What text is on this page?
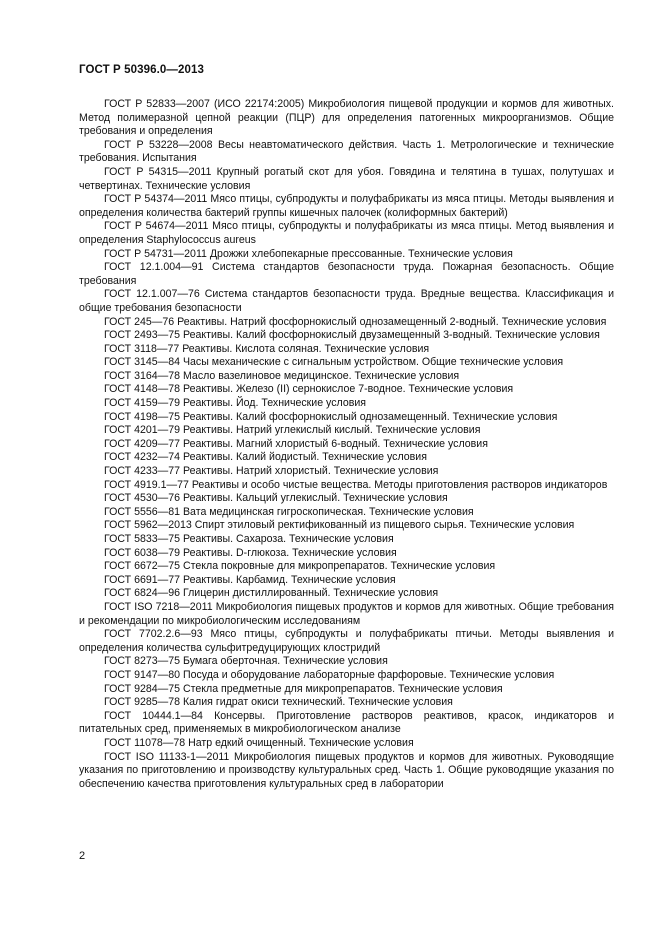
ГОСТ Р 50396.0—2013

ГОСТ Р 52833—2007 (ИСО 22174:2005) Микробиология пищевой продукции и кормов для животных. Метод полимеразной цепной реакции (ПЦР) для определения патогенных микроорганизмов. Общие требования и определения

ГОСТ Р 53228—2008 Весы неавтоматического действия. Часть 1. Метрологические и технические требования. Испытания

ГОСТ Р 54315—2011 Крупный рогатый скот для убоя. Говядина и телятина в тушах, полутушах и четвертинах. Технические условия

ГОСТ Р 54374—2011 Мясо птицы, субпродукты и полуфабрикаты из мяса птицы. Методы выявления и определения количества бактерий группы кишечных палочек (колиформных бактерий)

ГОСТ Р 54674—2011 Мясо птицы, субпродукты и полуфабрикаты из мяса птицы. Метод выявления и определения Staphylococcus aureus

ГОСТ Р 54731—2011 Дрожжи хлебопекарные прессованные. Технические условия

ГОСТ 12.1.004—91 Система стандартов безопасности труда. Пожарная безопасность. Общие требования

ГОСТ 12.1.007—76 Система стандартов безопасности труда. Вредные вещества. Классификация и общие требования безопасности

ГОСТ 245—76 Реактивы. Натрий фосфорнокислый однозамещенный 2-водный. Технические условия

ГОСТ 2493—75 Реактивы. Калий фосфорнокислый двузамещенный 3-водный. Технические условия

ГОСТ 3118—77 Реактивы. Кислота соляная. Технические условия

ГОСТ 3145—84 Часы механические с сигнальным устройством. Общие технические условия

ГОСТ 3164—78 Масло вазелиновое медицинское. Технические условия

ГОСТ 4148—78 Реактивы. Железо (II) сернокислое 7-водное. Технические условия

ГОСТ 4159—79 Реактивы. Йод. Технические условия

ГОСТ 4198—75 Реактивы. Калий фосфорнокислый однозамещенный. Технические условия

ГОСТ 4201—79 Реактивы. Натрий углекислый кислый. Технические условия

ГОСТ 4209—77 Реактивы. Магний хлористый 6-водный. Технические условия

ГОСТ 4232—74 Реактивы. Калий йодистый. Технические условия

ГОСТ 4233—77 Реактивы. Натрий хлористый. Технические условия

ГОСТ 4919.1—77 Реактивы и особо чистые вещества. Методы приготовления растворов индикаторов

ГОСТ 4530—76 Реактивы. Кальций углекислый. Технические условия

ГОСТ 5556—81 Вата медицинская гигроскопическая. Технические условия

ГОСТ 5962—2013 Спирт этиловый ректификованный из пищевого сырья. Технические условия

ГОСТ 5833—75 Реактивы. Сахароза. Технические условия

ГОСТ 6038—79 Реактивы. D-глюкоза. Технические условия

ГОСТ 6672—75 Стекла покровные для микропрепаратов. Технические условия

ГОСТ 6691—77 Реактивы. Карбамид. Технические условия

ГОСТ 6824—96 Глицерин дистиллированный. Технические условия

ГОСТ ISO 7218—2011 Микробиология пищевых продуктов и кормов для животных. Общие требования и рекомендации по микробиологическим исследованиям

ГОСТ 7702.2.6—93 Мясо птицы, субпродукты и полуфабрикаты птичьи. Методы выявления и определения количества сульфитредуцирующих клостридий

ГОСТ 8273—75 Бумага оберточная. Технические условия

ГОСТ 9147—80 Посуда и оборудование лабораторные фарфоровые. Технические условия

ГОСТ 9284—75 Стекла предметные для микропрепаратов. Технические условия

ГОСТ 9285—78 Калия гидрат окиси технический. Технические условия

ГОСТ 10444.1—84 Консервы. Приготовление растворов реактивов, красок, индикаторов и питательных сред, применяемых в микробиологическом анализе

ГОСТ 11078—78 Натр едкий очищенный. Технические условия

ГОСТ ISO 11133-1—2011 Микробиология пищевых продуктов и кормов для животных. Руководящие указания по приготовлению и производству культуральных сред. Часть 1. Общие руководящие указания по обеспечению качества приготовления культуральных сред в лаборатории

2
